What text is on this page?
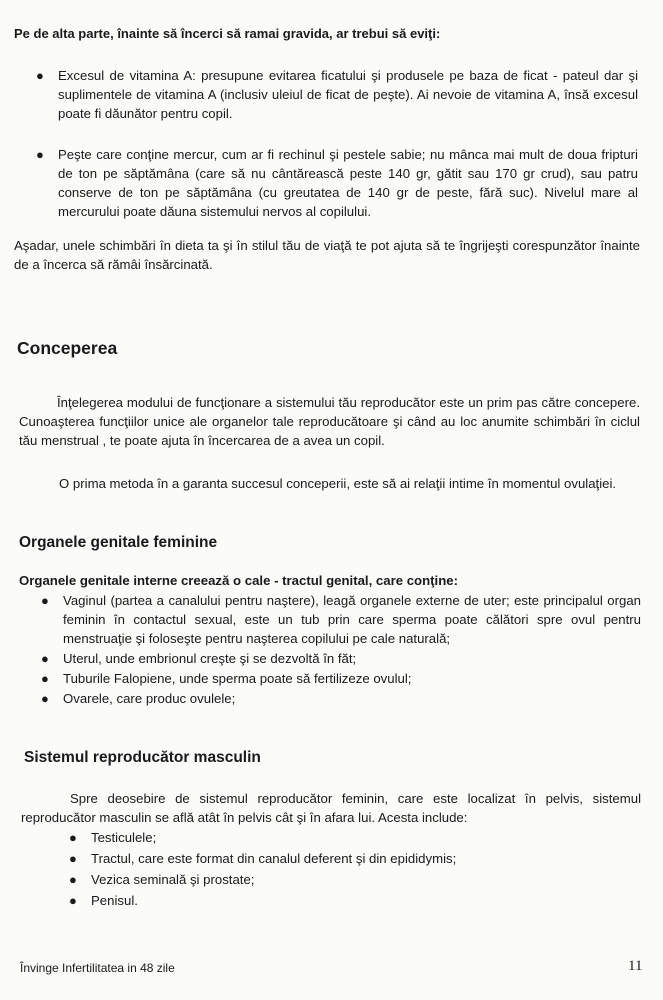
Pe de alta parte, înainte să încerci să ramai gravida, ar trebui să eviţi:
● Excesul de vitamina A: presupune evitarea ficatului şi produsele pe baza de ficat - pateul dar şi suplimentele de vitamina A (inclusiv uleiul de ficat de peşte). Ai nevoie de vitamina A, însă excesul poate fi dăunător pentru copil.
● Peşte care conţine mercur, cum ar fi rechinul şi pestele sabie; nu mânca mai mult de doua fripturi de ton pe săptămâna (care să nu cântărească peste 140 gr, gătit sau 170 gr crud), sau patru conserve de ton pe săptămâna (cu greutatea de 140 gr de peste, fără suc). Nivelul mare al mercurului poate dăuna sistemului nervos al copilului.
Aşadar, unele schimbări în dieta ta şi în stilul tău de viaţă te pot ajuta să te îngrijeşti corespunzător înainte de a încerca să rămâi însărcinată.
Conceperea
Înţelegerea modului de funcţionare a sistemului tău reproducător este un prim pas către concepere. Cunoaşterea funcţiilor unice ale organelor tale reproducătoare şi când au loc anumite schimbări în ciclul tău menstrual , te poate ajuta în încercarea de a avea un copil.
O prima metoda în a garanta succesul conceperii, este să ai relaţii intime în momentul ovulaţiei.
Organele genitale feminine
Organele genitale interne creează o cale - tractul genital, care conţine:
● Vaginul (partea a canalului pentru naştere), leagă organele externe de uter; este principalul organ feminin în contactul sexual, este un tub prin care sperma poate călători spre ovul pentru menstruaţie şi foloseşte pentru naşterea copilului pe cale naturală;
● Uterul, unde embrionul creşte şi se dezvoltă în făt;
● Tuburile Falopiene, unde sperma poate să fertilizeze ovulul;
● Ovarele, care produc ovulele;
Sistemul reproducător masculin
Spre deosebire de sistemul reproducător feminin, care este localizat în pelvis, sistemul reproducător masculin se află atât în pelvis cât şi în afara lui. Acesta include:
● Testiculele;
● Tractul, care este format din canalul deferent şi din epididymis;
● Vezica seminală şi prostate;
● Penisul.
Învinge Infertilitatea in 48 zile	11
